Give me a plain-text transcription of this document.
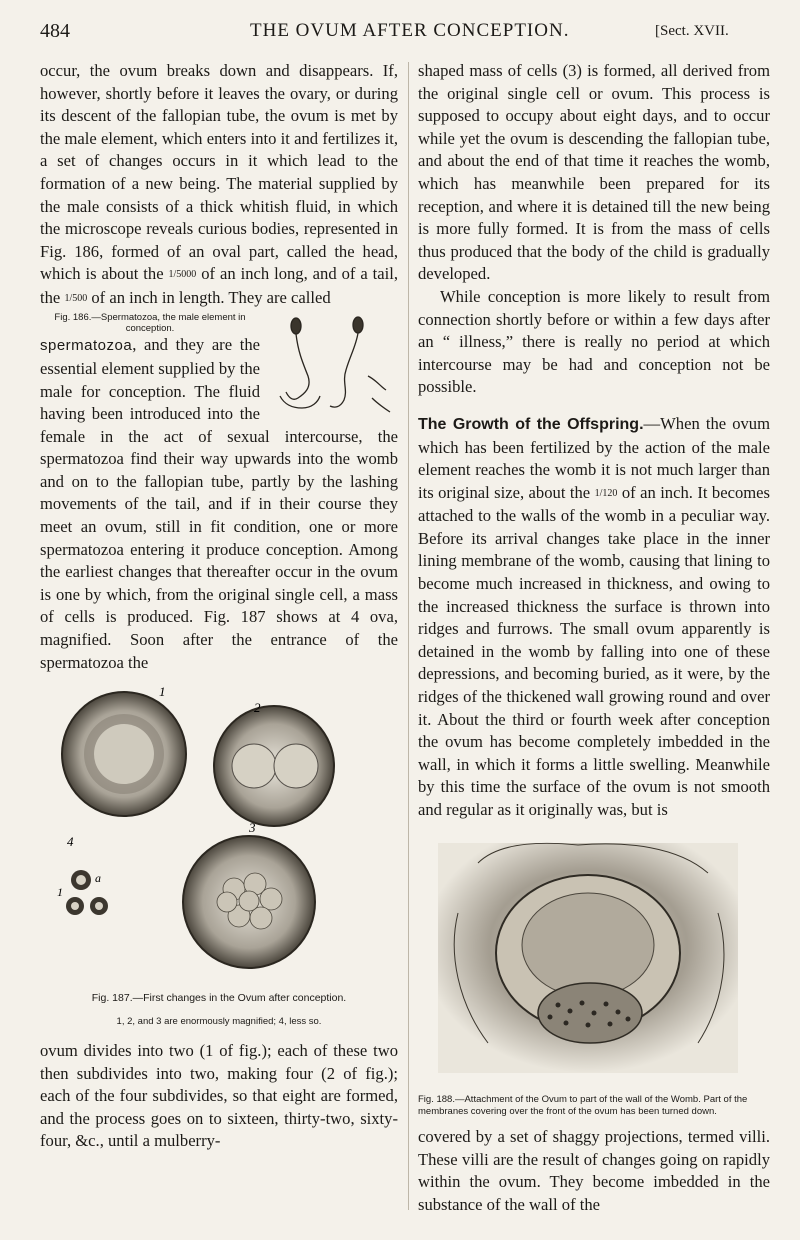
484	THE OVUM AFTER CONCEPTION.	[Sect. XVII.

occur, the ovum breaks down and disappears. If, however, shortly before it leaves the ovary, or during its descent of the fallopian tube, the ovum is met by the male element, which enters into it and fertilizes it, a set of changes occurs in it which lead to the formation of a new being. The material supplied by the male consists of a thick whitish fluid, in which the microscope reveals curious bodies, represented in Fig. 186, formed of an oval part, called the head, which is about the 1/5000 of an inch long, and of a tail, the 1/500 of an inch in length. They are called

Fig. 186.—Spermatozoa, the male element in conception.
spermatozoa, and they are the essential element supplied by the male for conception. The fluid having been introduced into the female in the act of sexual intercourse, the spermatozoa find their way upwards into the womb and on to the fallopian tube, partly by the lashing movements of the tail, and if in their course they meet an ovum, still in fit condition, one or more spermatozoa entering it produce conception. Among the earliest changes that thereafter occur in the ovum is one by which, from the original single cell, a mass of cells is produced. Fig. 187 shows at 4 ova, magnified. Soon after the entrance of the spermatozoa the

1
2
3
4
1
a
Fig. 187.—First changes in the Ovum after conception.
1, 2, and 3 are enormously magnified; 4, less so.

ovum divides into two (1 of fig.); each of these two then subdivides into two, making four (2 of fig.); each of the four subdivides, so that eight are formed, and the process goes on to sixteen, thirty-two, sixty-four, &c., until a mulberry-

shaped mass of cells (3) is formed, all derived from the original single cell or ovum. This process is supposed to occupy about eight days, and to occur while yet the ovum is descending the fallopian tube, and about the end of that time it reaches the womb, which has meanwhile been prepared for its reception, and where it is detained till the new being is more fully formed. It is from the mass of cells thus produced that the body of the child is gradually developed.

While conception is more likely to result from connection shortly before or within a few days after an “ illness,” there is really no period at which intercourse may be had and conception not be possible.

The Growth of the Offspring.—When the ovum which has been fertilized by the action of the male element reaches the womb it is not much larger than its original size, about the 1/120 of an inch. It becomes attached to the walls of the womb in a peculiar way. Before its arrival changes take place in the inner lining membrane of the womb, causing that lining to become much increased in thickness, and owing to the increased thickness the surface is thrown into ridges and furrows. The small ovum apparently is detained in the womb by falling into one of these depressions, and becoming buried, as it were, by the ridges of the thickened wall growing round and over it. About the third or fourth week after conception the ovum has become completely imbedded in the wall, in which it forms a little swelling. Meanwhile by this time the surface of the ovum is not smooth and regular as it originally was, but is

Fig. 188.—Attachment of the Ovum to part of the wall of the Womb. Part of the membranes covering over the front of the ovum has been turned down.

covered by a set of shaggy projections, termed villi. These villi are the result of changes going on rapidly within the ovum. They become imbedded in the substance of the wall of the
